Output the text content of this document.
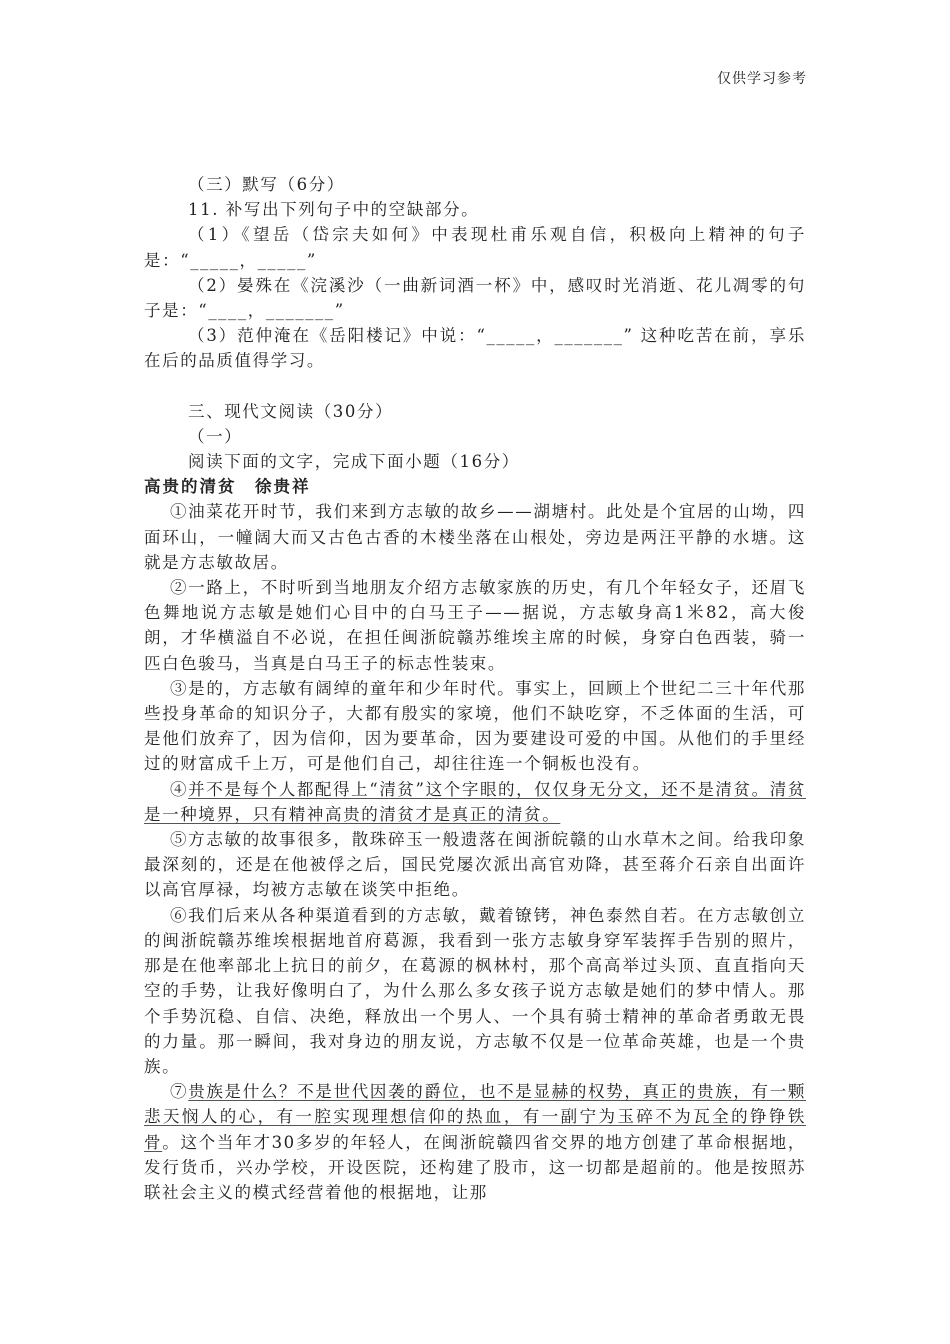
仅供学习参考

（三）默写（6分）

11. 补写出下列句子中的空缺部分。

（1）《望岳（岱宗夫如何》中表现杜甫乐观自信，积极向上精神的句子是：“_____，_____”

（2）晏殊在《浣溪沙（一曲新词酒一杯》中，感叹时光消逝、花儿凋零的句子是：“____，_______”

（3）范仲淹在《岳阳楼记》中说：“_____，_______” 这种吃苦在前，享乐在后的品质值得学习。

三、现代文阅读（30分）

（一）

阅读下面的文字，完成下面小题（16分）

高贵的清贫　徐贵祥

①油菜花开时节，我们来到方志敏的故乡——湖塘村。此处是个宜居的山坳，四面环山，一幢阔大而又古色古香的木楼坐落在山根处，旁边是两汪平静的水塘。这就是方志敏故居。

②一路上，不时听到当地朋友介绍方志敏家族的历史，有几个年轻女子，还眉飞色舞地说方志敏是她们心目中的白马王子——据说，方志敏身高1米82，高大俊朗，才华横溢自不必说，在担任闽浙皖赣苏维埃主席的时候，身穿白色西装，骑一匹白色骏马，当真是白马王子的标志性装束。

③是的，方志敏有阔绰的童年和少年时代。事实上，回顾上个世纪二三十年代那些投身革命的知识分子，大都有殷实的家境，他们不缺吃穿，不乏体面的生活，可是他们放弃了，因为信仰，因为要革命，因为要建设可爱的中国。从他们的手里经过的财富成千上万，可是他们自己，却往往连一个铜板也没有。

④并不是每个人都配得上“清贫”这个字眼的，仅仅身无分文，还不是清贫。清贫是一种境界，只有精神高贵的清贫才是真正的清贫。

⑤方志敏的故事很多，散珠碎玉一般遗落在闽浙皖赣的山水草木之间。给我印象最深刻的，还是在他被俘之后，国民党屡次派出高官劝降，甚至蒋介石亲自出面许以高官厚禄，均被方志敏在谈笑中拒绝。

⑥我们后来从各种渠道看到的方志敏，戴着镣铐，神色泰然自若。在方志敏创立的闽浙皖赣苏维埃根据地首府葛源，我看到一张方志敏身穿军装挥手告别的照片，那是在他率部北上抗日的前夕，在葛源的枫林村，那个高高举过头顶、直直指向天空的手势，让我好像明白了，为什么那么多女孩子说方志敏是她们的梦中情人。那个手势沉稳、自信、决绝，释放出一个男人、一个具有骑士精神的革命者勇敢无畏的力量。那一瞬间，我对身边的朋友说，方志敏不仅是一位革命英雄，也是一个贵族。

⑦贵族是什么？不是世代因袭的爵位，也不是显赫的权势，真正的贵族，有一颗悲天悯人的心，有一腔实现理想信仰的热血，有一副宁为玉碎不为瓦全的铮铮铁骨。这个当年才30多岁的年轻人，在闽浙皖赣四省交界的地方创建了革命根据地，发行货币，兴办学校，开设医院，还构建了股市，这一切都是超前的。他是按照苏联社会主义的模式经营着他的根据地，让那
